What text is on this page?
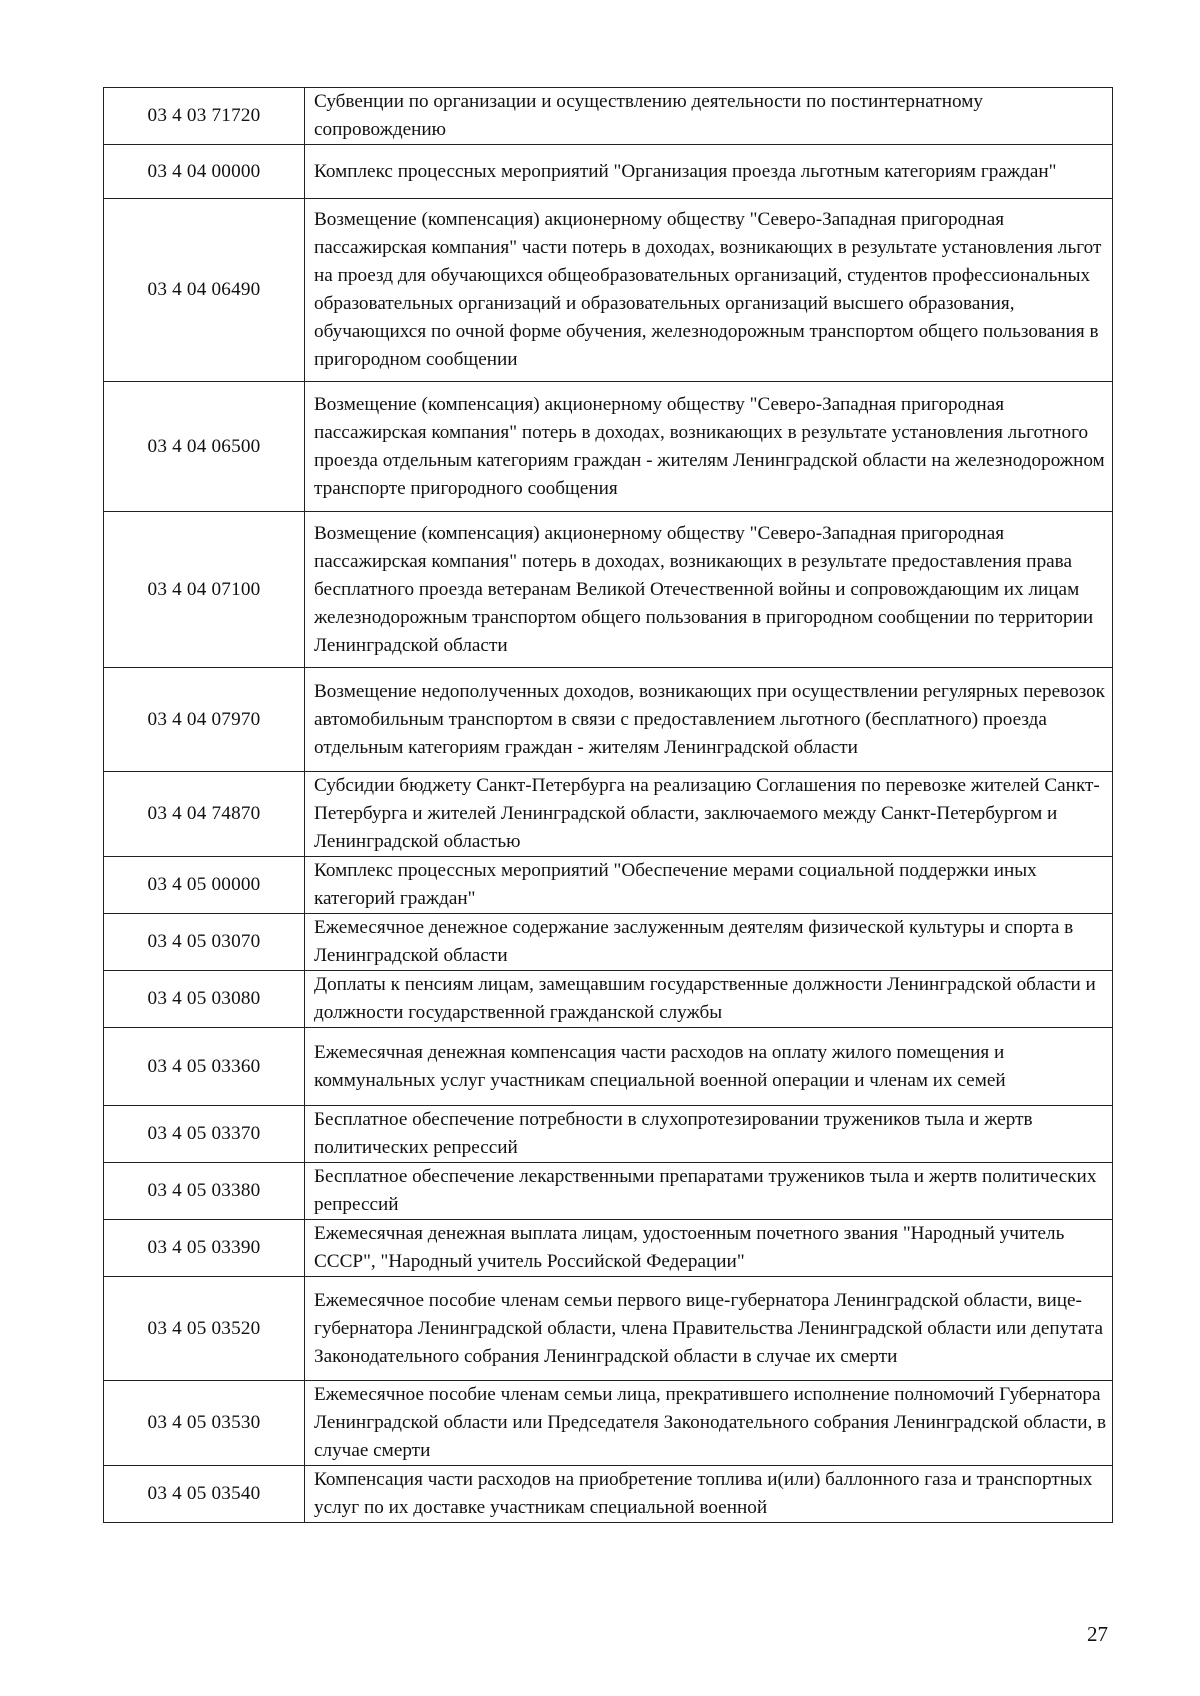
03 4 03 71720	Субвенции по организации и осуществлению деятельности по постинтернатному сопровождению
03 4 04 00000	Комплекс процессных мероприятий "Организация проезда льготным категориям граждан"
03 4 04 06490	Возмещение (компенсация) акционерному обществу "Северо-Западная пригородная пассажирская компания" части потерь в доходах, возникающих в результате установления льгот на проезд для обучающихся общеобразовательных организаций, студентов профессиональных образовательных организаций и образовательных организаций высшего образования, обучающихся по очной форме обучения, железнодорожным транспортом общего пользования в пригородном сообщении
03 4 04 06500	Возмещение (компенсация) акционерному обществу "Северо-Западная пригородная пассажирская компания" потерь в доходах, возникающих в результате установления льготного проезда отдельным категориям граждан - жителям Ленинградской области на железнодорожном транспорте пригородного сообщения
03 4 04 07100	Возмещение (компенсация) акционерному обществу "Северо-Западная пригородная пассажирская компания" потерь в доходах, возникающих в результате предоставления права бесплатного проезда ветеранам Великой Отечественной войны и сопровождающим их лицам железнодорожным транспортом общего пользования в пригородном сообщении по территории Ленинградской области
03 4 04 07970	Возмещение недополученных доходов, возникающих при осуществлении регулярных перевозок автомобильным транспортом в связи с предоставлением льготного (бесплатного) проезда отдельным категориям граждан - жителям Ленинградской области
03 4 04 74870	Субсидии бюджету Санкт-Петербурга на реализацию Соглашения по перевозке жителей Санкт-Петербурга и жителей Ленинградской области, заключаемого между Санкт-Петербургом и Ленинградской областью
03 4 05 00000	Комплекс процессных мероприятий "Обеспечение мерами социальной поддержки иных категорий граждан"
03 4 05 03070	Ежемесячное денежное содержание заслуженным деятелям физической культуры и спорта в Ленинградской области
03 4 05 03080	Доплаты к пенсиям лицам, замещавшим государственные должности Ленинградской области и должности государственной гражданской службы
03 4 05 03360	Ежемесячная денежная компенсация части расходов на оплату жилого помещения и коммунальных услуг участникам специальной военной операции и членам их семей
03 4 05 03370	Бесплатное обеспечение потребности в слухопротезировании тружеников тыла и жертв политических репрессий
03 4 05 03380	Бесплатное обеспечение лекарственными препаратами тружеников тыла и жертв политических репрессий
03 4 05 03390	Ежемесячная денежная выплата лицам, удостоенным почетного звания "Народный учитель СССР", "Народный учитель Российской Федерации"
03 4 05 03520	Ежемесячное пособие членам семьи первого вице-губернатора Ленинградской области, вице-губернатора Ленинградской области, члена Правительства Ленинградской области или депутата Законодательного собрания Ленинградской области в случае их смерти
03 4 05 03530	Ежемесячное пособие членам семьи лица, прекратившего исполнение полномочий Губернатора Ленинградской области или Председателя Законодательного собрания Ленинградской области, в случае смерти
03 4 05 03540	Компенсация части расходов на приобретение топлива и(или) баллонного газа и транспортных услуг по их доставке участникам специальной военной
27
